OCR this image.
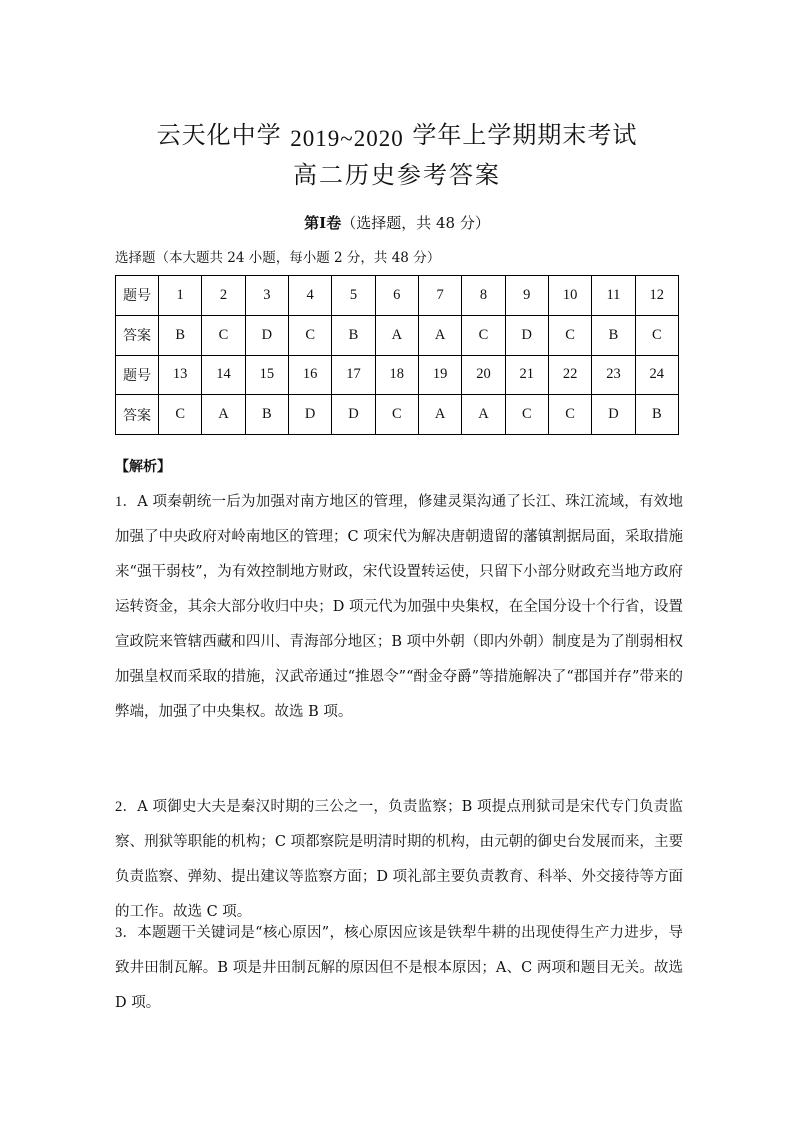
云天化中学 2019~2020 学年上学期期末考试
高二历史参考答案
第Ⅰ卷（选择题，共 48 分）
选择题（本大题共 24 小题，每小题 2 分，共 48 分）
题号	1	2	3	4	5	6	7	8	9	10	11	12
答案	B	C	D	C	B	A	A	C	D	C	B	C
题号	13	14	15	16	17	18	19	20	21	22	23	24
答案	C	A	B	D	D	C	A	A	C	C	D	B
【解析】
1．A 项秦朝统一后为加强对南方地区的管理，修建灵渠沟通了长江、珠江流域，有效地加强了中央政府对岭南地区的管理；C 项宋代为解决唐朝遗留的藩镇割据局面，采取措施来“强干弱枝”，为有效控制地方财政，宋代设置转运使，只留下小部分财政充当地方政府运转资金，其余大部分收归中央；D 项元代为加强中央集权，在全国分设十个行省，设置宣政院来管辖西藏和四川、青海部分地区；B 项中外朝（即内外朝）制度是为了削弱相权加强皇权而采取的措施，汉武帝通过“推恩令”“酎金夺爵”等措施解决了“郡国并存”带来的弊端，加强了中央集权。故选 B 项。
2．A 项御史大夫是秦汉时期的三公之一，负责监察；B 项提点刑狱司是宋代专门负责监察、刑狱等职能的机构；C 项都察院是明清时期的机构，由元朝的御史台发展而来，主要负责监察、弹劾、提出建议等监察方面；D 项礼部主要负责教育、科举、外交接待等方面的工作。故选 C 项。
3．本题题干关键词是“核心原因”，核心原因应该是铁犁牛耕的出现使得生产力进步，导致井田制瓦解。B 项是井田制瓦解的原因但不是根本原因；A、C 两项和题目无关。故选 D 项。
